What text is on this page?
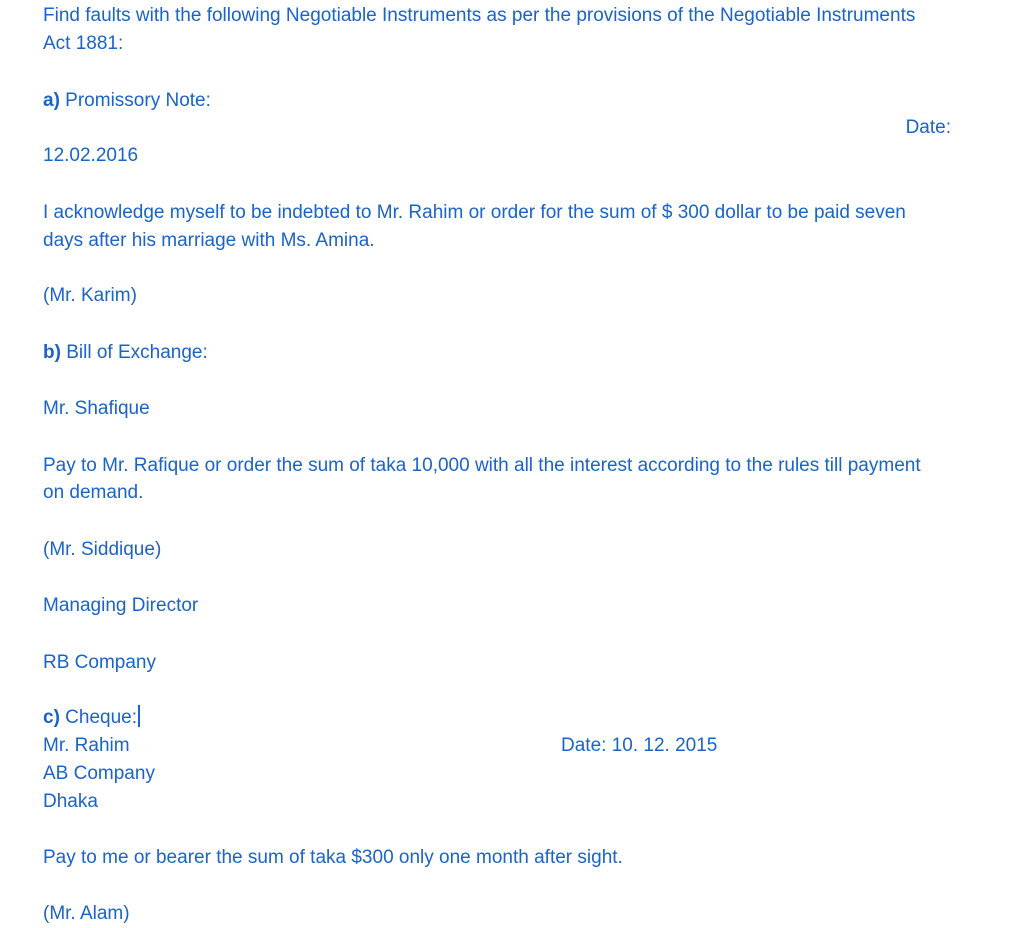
Find faults with the following Negotiable Instruments as per the provisions of the Negotiable Instruments
Act 1881:
a) Promissory Note:
Date:
12.02.2016
I acknowledge myself to be indebted to Mr. Rahim or order for the sum of $ 300 dollar to be paid seven
days after his marriage with Ms. Amina.
(Mr. Karim)
b) Bill of Exchange:
Mr. Shafique
Pay to Mr. Rafique or order the sum of taka 10,000 with all the interest according to the rules till payment
on demand.
(Mr. Siddique)
Managing Director
RB Company
c) Cheque:
Mr. Rahim	Date: 10. 12. 2015
AB Company
Dhaka
Pay to me or bearer the sum of taka $300 only one month after sight.
(Mr. Alam)
